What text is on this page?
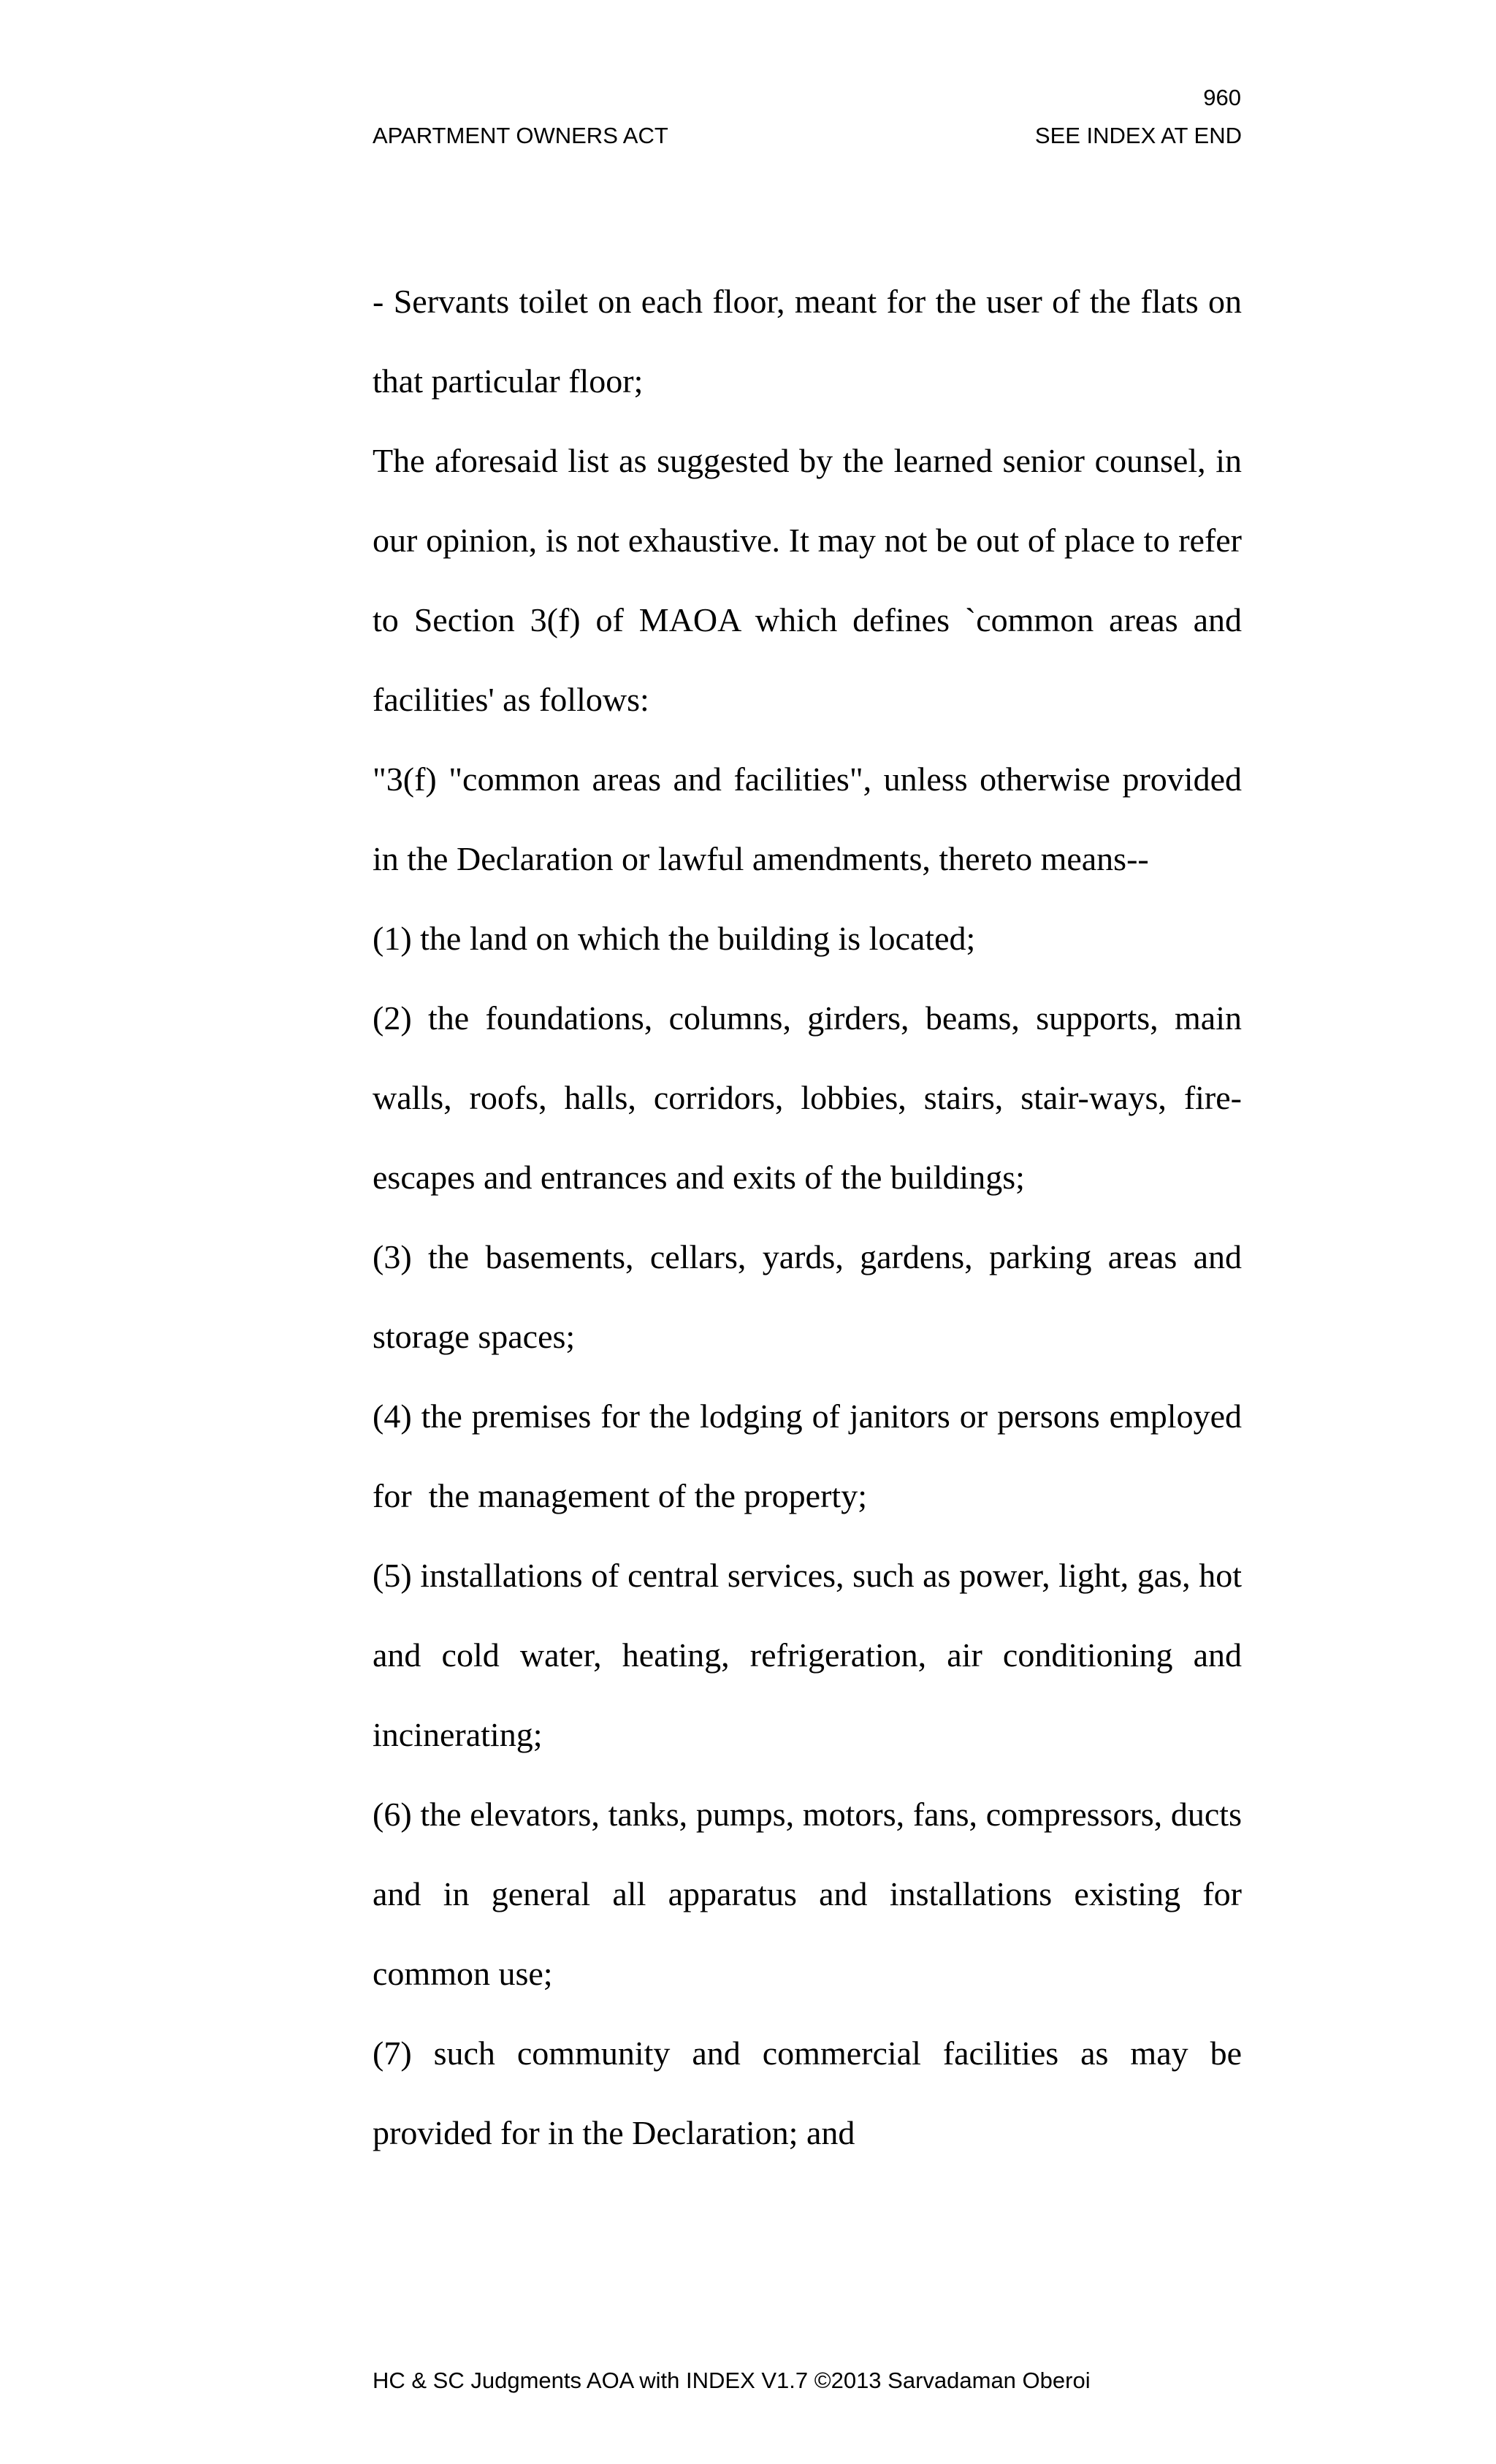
960
APARTMENT OWNERS ACT	SEE INDEX AT END

- Servants toilet on each floor, meant for the user of the flats on that particular floor;

The aforesaid list as suggested by the learned senior counsel, in our opinion, is not exhaustive. It may not be out of place to refer to Section 3(f) of MAOA which defines `common areas and facilities' as follows:

"3(f) "common areas and facilities", unless otherwise provided in the Declaration or lawful amendments, thereto means--

(1) the land on which the building is located;

(2) the foundations, columns, girders, beams, supports, main walls, roofs, halls, corridors, lobbies, stairs, stair-ways, fire-escapes and entrances and exits of the buildings;

(3) the basements, cellars, yards, gardens, parking areas and storage spaces;

(4) the premises for the lodging of janitors or persons employed  for  the management of the property;

(5) installations of central services, such as power, light, gas, hot and cold water, heating, refrigeration, air conditioning and incinerating;

(6) the elevators, tanks, pumps, motors, fans, compressors, ducts and in general all apparatus and installations existing for common use;

(7) such community and commercial facilities as may be provided for in the Declaration; and

HC & SC Judgments AOA with INDEX V1.7 ©2013 Sarvadaman Oberoi
